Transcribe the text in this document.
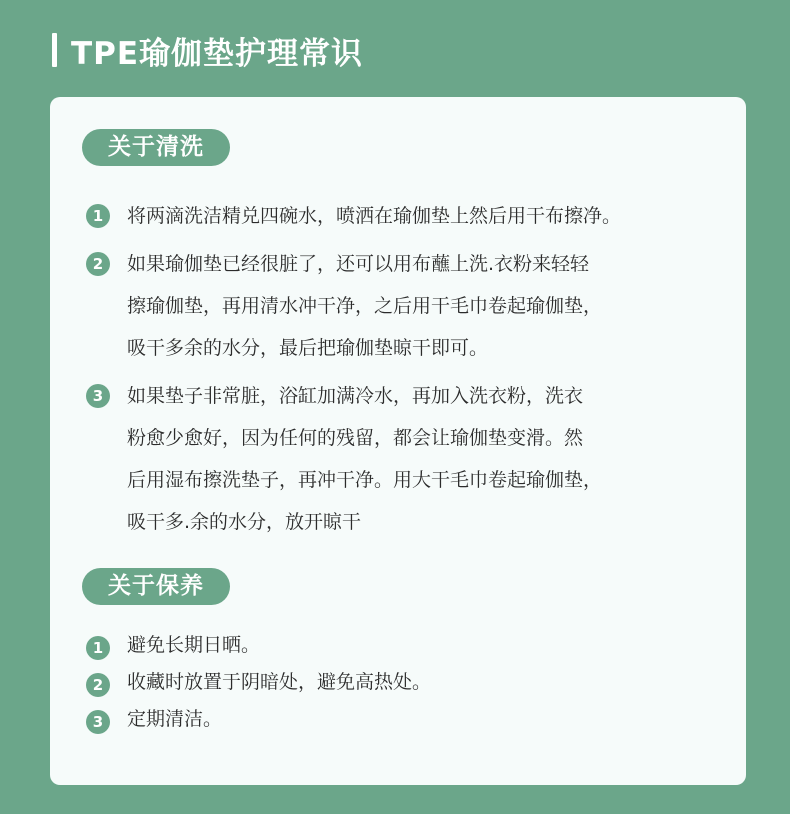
TPE瑜伽垫护理常识
关于清洗
1	将两滴洗洁精兑四碗水，喷洒在瑜伽垫上然后用干布擦净。
2	如果瑜伽垫已经很脏了，还可以用布蘸上洗.衣粉来轻轻
擦瑜伽垫，再用清水冲干净，之后用干毛巾卷起瑜伽垫，
吸干多余的水分，最后把瑜伽垫晾干即可。
3	如果垫子非常脏，浴缸加满冷水，再加入洗衣粉，洗衣
粉愈少愈好，因为任何的残留，都会让瑜伽垫变滑。然
后用湿布擦洗垫子，再冲干净。用大干毛巾卷起瑜伽垫，
吸干多.余的水分，放开晾干
关于保养
1	避免长期日晒。
2	收藏时放置于阴暗处，避免高热处。
3	定期清洁。
